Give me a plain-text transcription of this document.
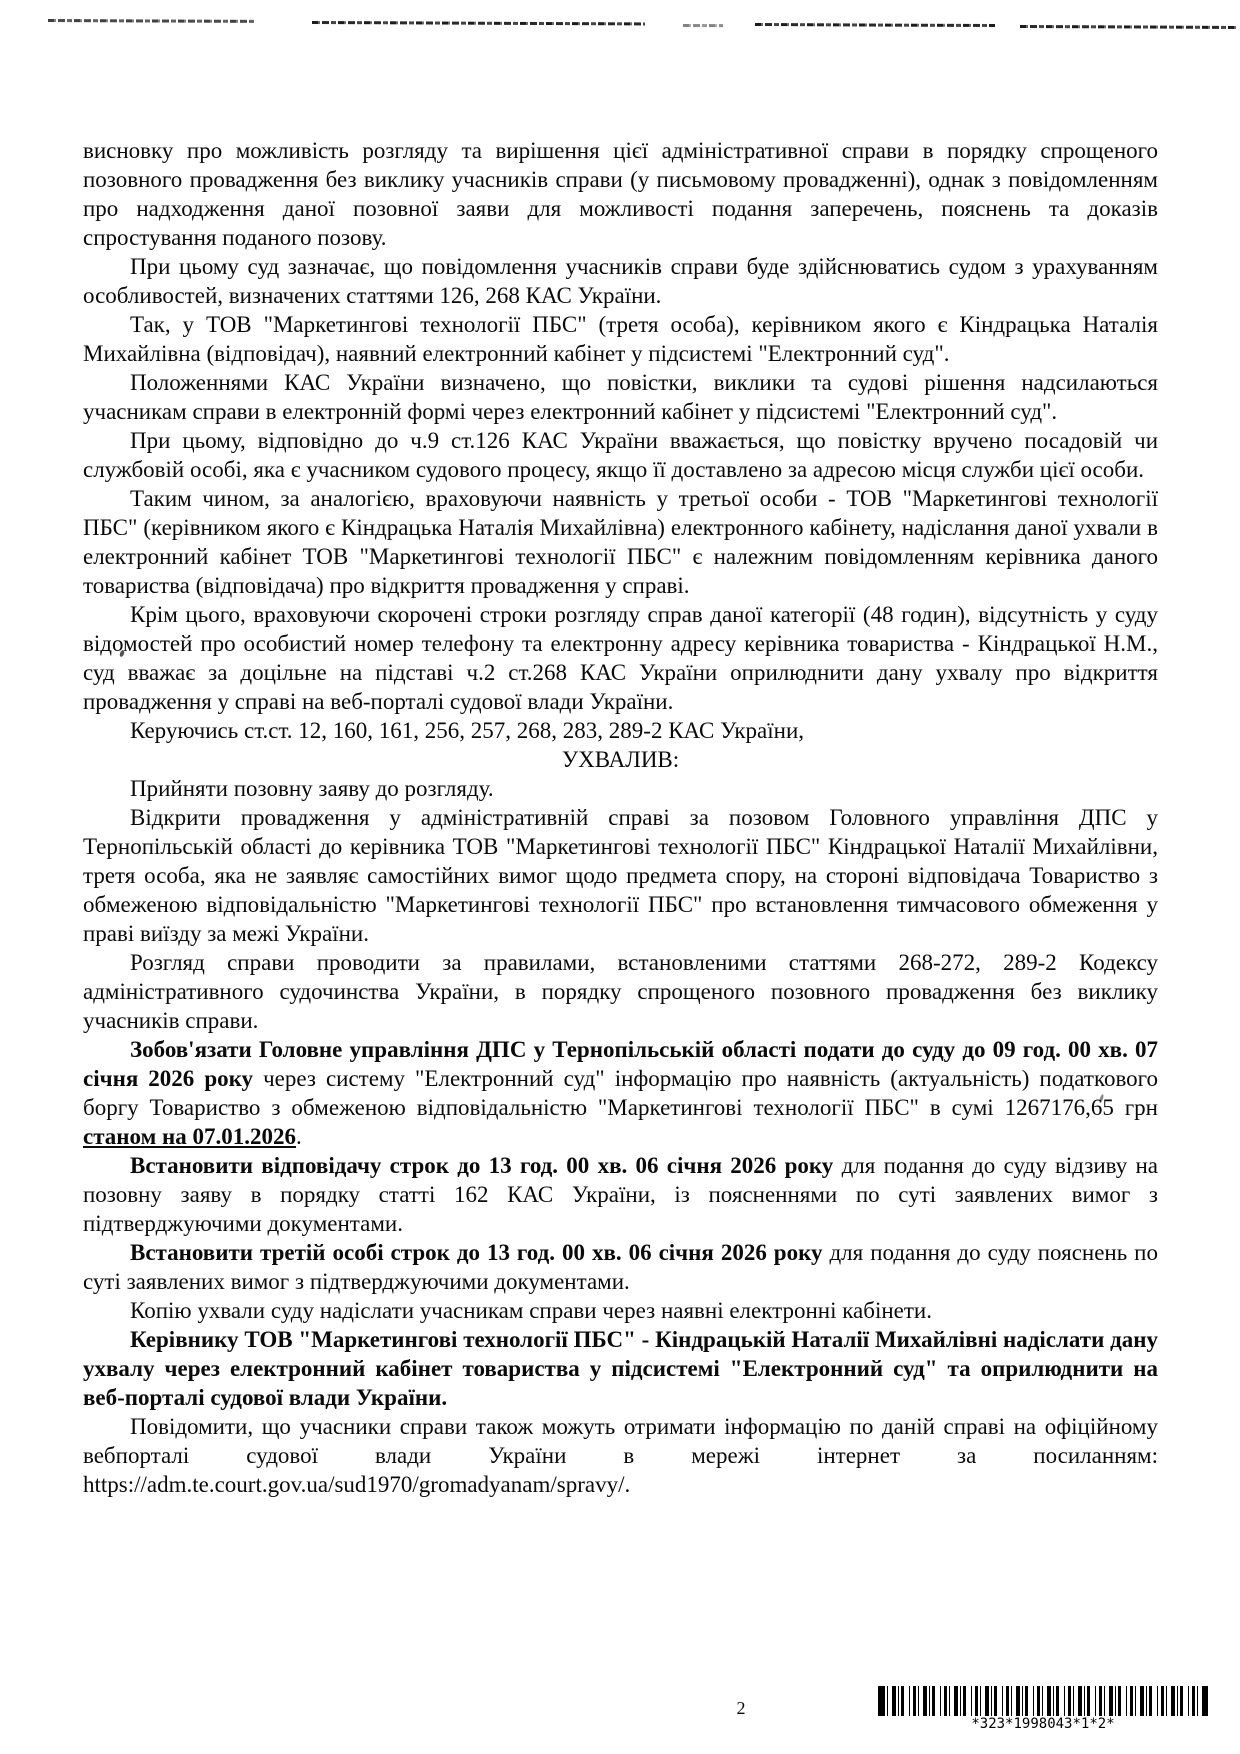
висновку про можливість розгляду та вирішення цієї адміністративної справи в порядку спрощеного позовного провадження без виклику учасників справи (у письмовому провадженні), однак з повідомленням про надходження даної позовної заяви для можливості подання заперечень, пояснень та доказів спростування поданого позову.

При цьому суд зазначає, що повідомлення учасників справи буде здійснюватись судом з урахуванням особливостей, визначених статтями 126, 268 КАС України.

Так, у ТОВ "Маркетингові технології ПБС" (третя особа), керівником якого є Кіндрацька Наталія Михайлівна (відповідач), наявний електронний кабінет у підсистемі "Електронний суд".

Положеннями КАС України визначено, що повістки, виклики та судові рішення надсилаються учасникам справи в електронній формі через електронний кабінет у підсистемі "Електронний суд".

При цьому, відповідно до ч.9 ст.126 КАС України вважається, що повістку вручено посадовій чи службовій особі, яка є учасником судового процесу, якщо її доставлено за адресою місця служби цієї особи.

Таким чином, за аналогією, враховуючи наявність у третьої особи - ТОВ "Маркетингові технології ПБС" (керівником якого є Кіндрацька Наталія Михайлівна) електронного кабінету, надіслання даної ухвали в електронний кабінет ТОВ "Маркетингові технології ПБС" є належним повідомленням керівника даного товариства (відповідача) про відкриття провадження у справі.

Крім цього, враховуючи скорочені строки розгляду справ даної категорії (48 годин), відсутність у суду відомостей про особистий номер телефону та електронну адресу керівника товариства - Кіндрацької Н.М., суд вважає за доцільне на підставі ч.2 ст.268 КАС України оприлюднити дану ухвалу про відкриття провадження у справі на веб-порталі судової влади України.

Керуючись ст.ст. 12, 160, 161, 256, 257, 268, 283, 289-2 КАС України,

УХВАЛИВ:

Прийняти позовну заяву до розгляду.

Відкрити провадження у адміністративній справі за позовом Головного управління ДПС у Тернопільській області до керівника ТОВ "Маркетингові технології ПБС" Кіндрацької Наталії Михайлівни, третя особа, яка не заявляє самостійних вимог щодо предмета спору, на стороні відповідача Товариство з обмеженою відповідальністю "Маркетингові технології ПБС" про встановлення тимчасового обмеження у праві виїзду за межі України.

Розгляд справи проводити за правилами, встановленими статтями 268-272, 289-2 Кодексу адміністративного судочинства України, в порядку спрощеного позовного провадження без виклику учасників справи.

Зобов'язати Головне управління ДПС у Тернопільській області подати до суду до 09 год. 00 хв. 07 січня 2026 року через систему "Електронний суд" інформацію про наявність (актуальність) податкового боргу Товариство з обмеженою відповідальністю "Маркетингові технології ПБС" в сумі 1267176,65 грн станом на 07.01.2026.

Встановити відповідачу строк до 13 год. 00 хв. 06 січня 2026 року для подання до суду відзиву на позовну заяву в порядку статті 162 КАС України, із поясненнями по суті заявлених вимог з підтверджуючими документами.

Встановити третій особі строк до 13 год. 00 хв. 06 січня 2026 року для подання до суду пояснень по суті заявлених вимог з підтверджуючими документами.

Копію ухвали суду надіслати учасникам справи через наявні електронні кабінети.

Керівнику ТОВ "Маркетингові технології ПБС" - Кіндрацькій Наталії Михайлівні надіслати дану ухвалу через електронний кабінет товариства у підсистемі "Електронний суд" та оприлюднити на веб-порталі судової влади України.

Повідомити, що учасники справи також можуть отримати інформацію по даній справі на офіційному вебпорталі судової влади України в мережі інтернет за посиланням: https://adm.te.court.gov.ua/sud1970/gromadyanam/spravy/.

2
*323*1998043*1*2*
